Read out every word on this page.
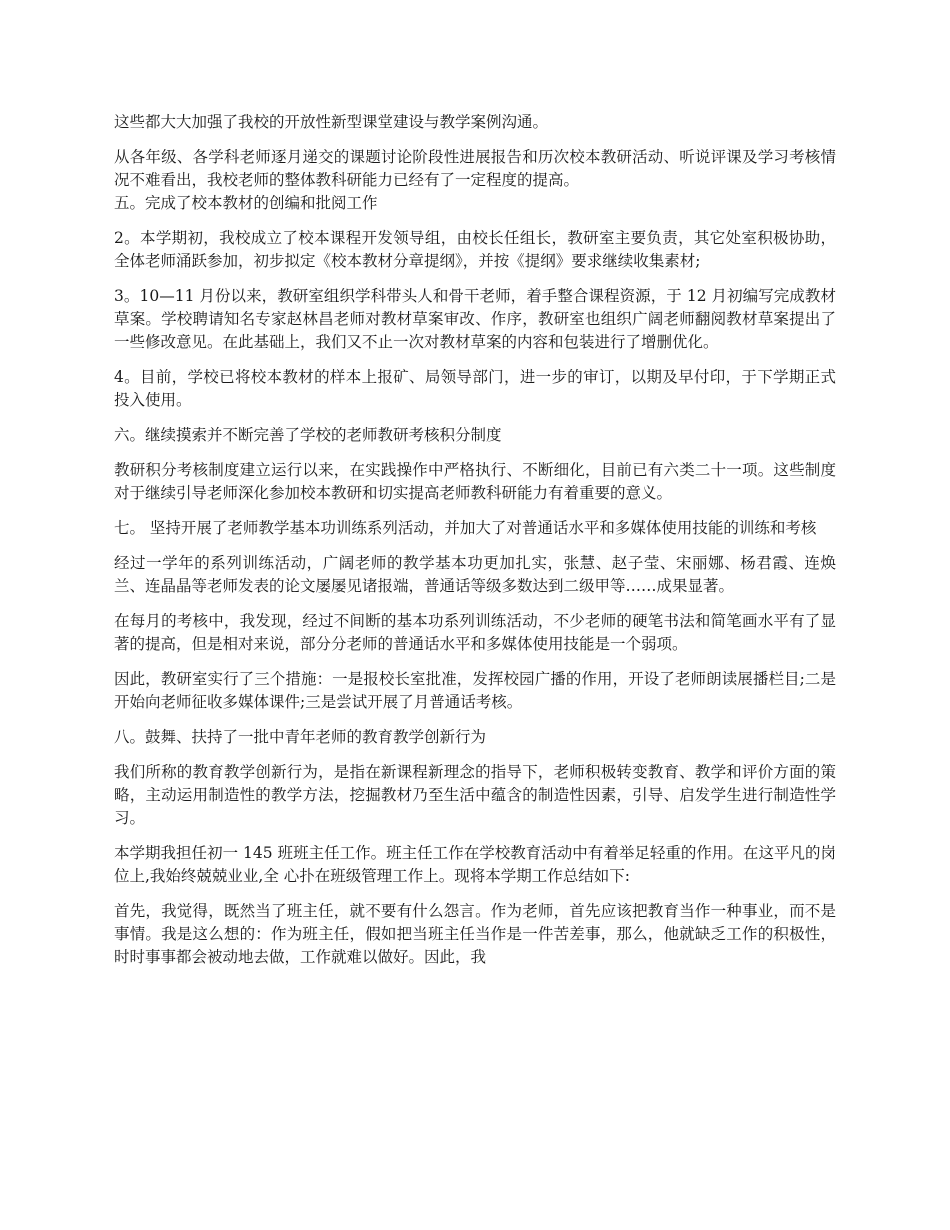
这些都大大加强了我校的开放性新型课堂建设与教学案例沟通。

从各年级、各学科老师逐月递交的课题讨论阶段性进展报告和历次校本教研活动、听说评课及学习考核情况不难看出，我校老师的整体教科研能力已经有了一定程度的提高。

五。完成了校本教材的创编和批阅工作

2。本学期初，我校成立了校本课程开发领导组，由校长任组长，教研室主要负责，其它处室积极协助，全体老师涌跃参加，初步拟定《校本教材分章提纲》，并按《提纲》要求继续收集素材;

3。10—11 月份以来，教研室组织学科带头人和骨干老师，着手整合课程资源，于 12 月初编写完成教材草案。学校聘请知名专家赵林昌老师对教材草案审改、作序，教研室也组织广阔老师翻阅教材草案提出了一些修改意见。在此基础上，我们又不止一次对教材草案的内容和包装进行了增删优化。

4。目前，学校已将校本教材的样本上报矿、局领导部门，进一步的审订，以期及早付印，于下学期正式投入使用。

六。继续摸索并不断完善了学校的老师教研考核积分制度

教研积分考核制度建立运行以来，在实践操作中严格执行、不断细化，目前已有六类二十一项。这些制度对于继续引导老师深化参加校本教研和切实提高老师教科研能力有着重要的意义。

七。 坚持开展了老师教学基本功训练系列活动，并加大了对普通话水平和多媒体使用技能的训练和考核

经过一学年的系列训练活动，广阔老师的教学基本功更加扎实，张慧、赵子莹、宋丽娜、杨君霞、连焕兰、连晶晶等老师发表的论文屡屡见诸报端，普通话等级多数达到二级甲等……成果显著。

在每月的考核中，我发现，经过不间断的基本功系列训练活动，不少老师的硬笔书法和简笔画水平有了显著的提高，但是相对来说，部分分老师的普通话水平和多媒体使用技能是一个弱项。

因此，教研室实行了三个措施：一是报校长室批准，发挥校园广播的作用，开设了老师朗读展播栏目;二是开始向老师征收多媒体课件;三是尝试开展了月普通话考核。

八。鼓舞、扶持了一批中青年老师的教育教学创新行为

我们所称的教育教学创新行为，是指在新课程新理念的指导下，老师积极转变教育、教学和评价方面的策略，主动运用制造性的教学方法，挖掘教材乃至生活中蕴含的制造性因素，引导、启发学生进行制造性学习。

本学期我担任初一 145 班班主任工作。班主任工作在学校教育活动中有着举足轻重的作用。在这平凡的岗位上,我始终兢兢业业,全 心扑在班级管理工作上。现将本学期工作总结如下:

首先，我觉得，既然当了班主任，就不要有什么怨言。作为老师，首先应该把教育当作一种事业，而不是事情。我是这么想的：作为班主任，假如把当班主任当作是一件苦差事，那么，他就缺乏工作的积极性，时时事事都会被动地去做，工作就难以做好。因此，我
